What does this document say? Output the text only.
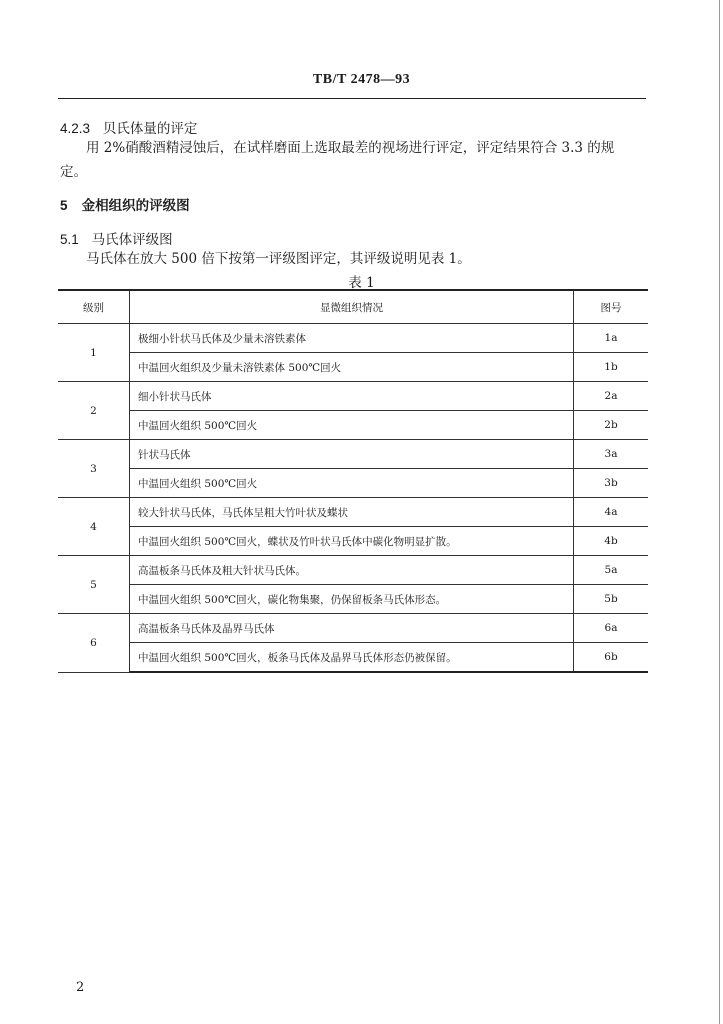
TB/T 2478—93
4.2.3 贝氏体量的评定
用 2%硝酸酒精浸蚀后，在试样磨面上选取最差的视场进行评定，评定结果符合 3.3 的规
定。
5 金相组织的评级图
5.1 马氏体评级图
马氏体在放大 500 倍下按第一评级图评定，其评级说明见表 1。
表 1
级别	显微组织情况	图号
1	极细小针状马氏体及少量未溶铁素体	1a
	中温回火组织及少量未溶铁素体 500℃回火	1b
2	细小针状马氏体	2a
	中温回火组织 500℃回火	2b
3	针状马氏体	3a
	中温回火组织 500℃回火	3b
4	较大针状马氏体，马氏体呈粗大竹叶状及蝶状	4a
	中温回火组织 500℃回火，蝶状及竹叶状马氏体中碳化物明显扩散。	4b
5	高温板条马氏体及粗大针状马氏体。	5a
	中温回火组织 500℃回火，碳化物集聚，仍保留板条马氏体形态。	5b
6	高温板条马氏体及晶界马氏体	6a
	中温回火组织 500℃回火，板条马氏体及晶界马氏体形态仍被保留。	6b
2
